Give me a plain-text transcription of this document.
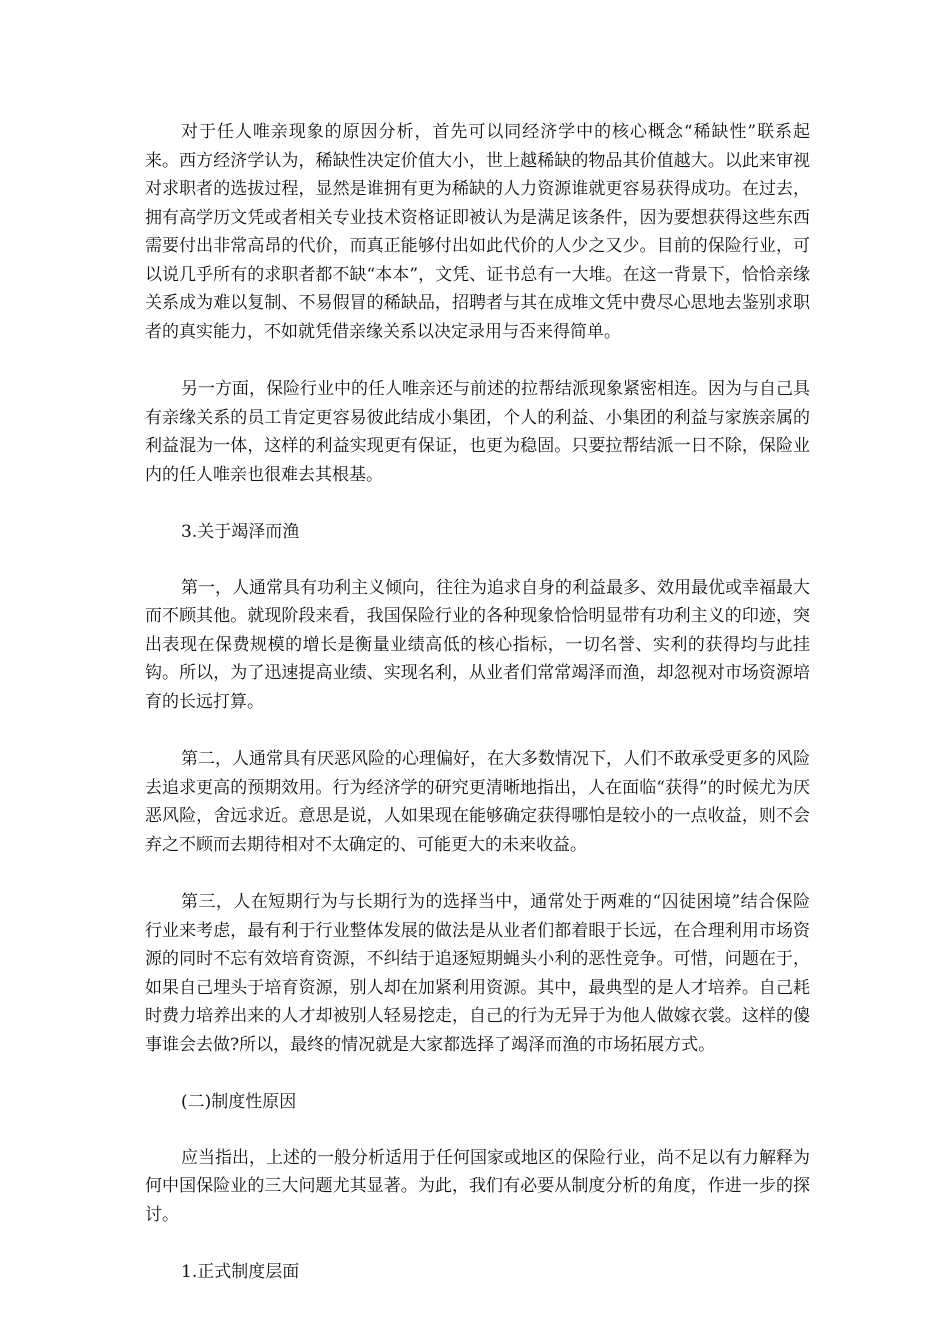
对于任人唯亲现象的原因分析，首先可以同经济学中的核心概念“稀缺性”联系起来。西方经济学认为，稀缺性决定价值大小，世上越稀缺的物品其价值越大。以此来审视对求职者的选拔过程，显然是谁拥有更为稀缺的人力资源谁就更容易获得成功。在过去，拥有高学历文凭或者相关专业技术资格证即被认为是满足该条件，因为要想获得这些东西需要付出非常高昂的代价，而真正能够付出如此代价的人少之又少。目前的保险行业，可以说几乎所有的求职者都不缺“本本”，文凭、证书总有一大堆。在这一背景下，恰恰亲缘关系成为难以复制、不易假冒的稀缺品，招聘者与其在成堆文凭中费尽心思地去鉴别求职者的真实能力，不如就凭借亲缘关系以决定录用与否来得简单。

另一方面，保险行业中的任人唯亲还与前述的拉帮结派现象紧密相连。因为与自己具有亲缘关系的员工肯定更容易彼此结成小集团，个人的利益、小集团的利益与家族亲属的利益混为一体，这样的利益实现更有保证，也更为稳固。只要拉帮结派一日不除，保险业内的任人唯亲也很难去其根基。

3.关于竭泽而渔

第一，人通常具有功利主义倾向，往往为追求自身的利益最多、效用最优或幸福最大而不顾其他。就现阶段来看，我国保险行业的各种现象恰恰明显带有功利主义的印迹，突出表现在保费规模的增长是衡量业绩高低的核心指标，一切名誉、实利的获得均与此挂钩。所以，为了迅速提高业绩、实现名利，从业者们常常竭泽而渔，却忽视对市场资源培育的长远打算。

第二，人通常具有厌恶风险的心理偏好，在大多数情况下，人们不敢承受更多的风险去追求更高的预期效用。行为经济学的研究更清晰地指出，人在面临“获得”的时候尤为厌恶风险，舍远求近。意思是说，人如果现在能够确定获得哪怕是较小的一点收益，则不会弃之不顾而去期待相对不太确定的、可能更大的未来收益。

第三，人在短期行为与长期行为的选择当中，通常处于两难的“囚徒困境”结合保险行业来考虑，最有利于行业整体发展的做法是从业者们都着眼于长远，在合理利用市场资源的同时不忘有效培育资源，不纠结于追逐短期蝇头小利的恶性竞争。可惜，问题在于，如果自己埋头于培育资源，别人却在加紧利用资源。其中，最典型的是人才培养。自己耗时费力培养出来的人才却被别人轻易挖走，自己的行为无异于为他人做嫁衣裳。这样的傻事谁会去做?所以，最终的情况就是大家都选择了竭泽而渔的市场拓展方式。

(二)制度性原因

应当指出，上述的一般分析适用于任何国家或地区的保险行业，尚不足以有力解释为何中国保险业的三大问题尤其显著。为此，我们有必要从制度分析的角度，作进一步的探讨。

1.正式制度层面
